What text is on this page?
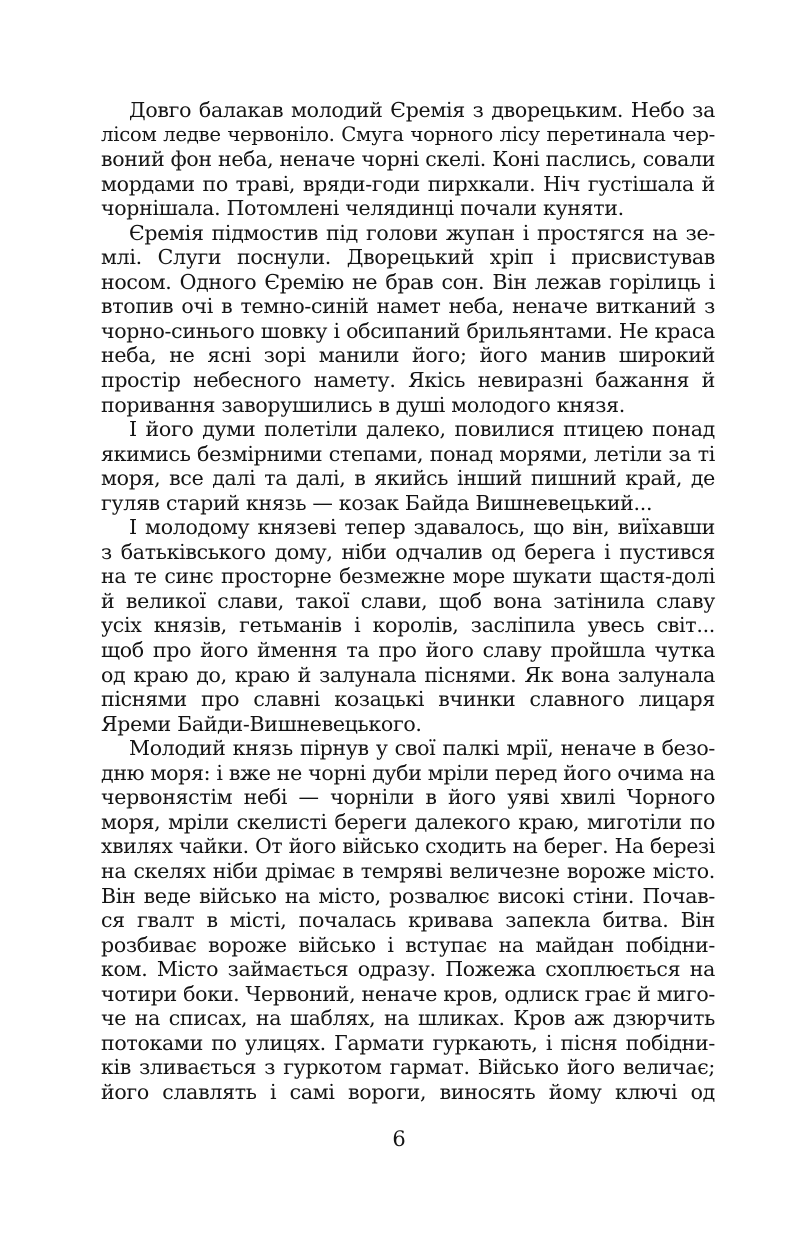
Довго балакав молодий Єремія з дворецьким. Небо за
лісом ледве червоніло. Смуга чорного лісу перетинала чер-
воний фон неба, неначе чорні скелі. Коні паслись, совали
мордами по траві, вряди-годи пирхкали. Ніч густішала й
чорнішала. Потомлені челядинці почали куняти.
Єремія підмостив під голови жупан і простягся на зе-
млі. Слуги поснули. Дворецький хріп і присвистував
носом. Одного Єремію не брав сон. Він лежав горілиць і
втопив очі в темно-синій намет неба, неначе витканий з
чорно-синього шовку і обсипаний брильянтами. Не краса
неба, не ясні зорі манили його; його манив широкий
простір небесного намету. Якісь невиразні бажання й
поривання заворушились в душі молодого князя.
І його думи полетіли далеко, повилися птицею понад
якимись безмірними степами, понад морями, летіли за ті
моря, все далі та далі, в якийсь інший пишний край, де
гуляв старий князь — козак Байда Вишневецький...
І молодому князеві тепер здавалось, що він, виїхавши
з батьківського дому, ніби одчалив од берега і пустився
на те синє просторне безмежне море шукати щастя-долі
й великої слави, такої слави, щоб вона затінила славу
усіх князів, гетьманів і королів, засліпила увесь світ...
щоб про його ймення та про його славу пройшла чутка
од краю до, краю й залунала піснями. Як вона залунала
піснями про славні козацькі вчинки славного лицаря
Яреми Байди-Вишневецького.
Молодий князь пірнув у свої палкі мрії, неначе в безо-
дню моря: і вже не чорні дуби мріли перед його очима на
червонястім небі — чорніли в його уяві хвилі Чорного
моря, мріли скелисті береги далекого краю, миготіли по
хвилях чайки. От його військо сходить на берег. На березі
на скелях ніби дрімає в темряві величезне вороже місто.
Він веде військо на місто, розвалює високі стіни. Почав-
ся гвалт в місті, почалась кривава запекла битва. Він
розбиває вороже військо і вступає на майдан побідни-
ком. Місто займається одразу. Пожежа схоплюється на
чотири боки. Червоний, неначе кров, одлиск грає й миго-
че на списах, на шаблях, на шликах. Кров аж дзюрчить
потоками по улицях. Гармати гуркають, і пісня побідни-
ків зливається з гуркотом гармат. Військо його величає;
його славлять і самі вороги, виносять йому ключі од
6
